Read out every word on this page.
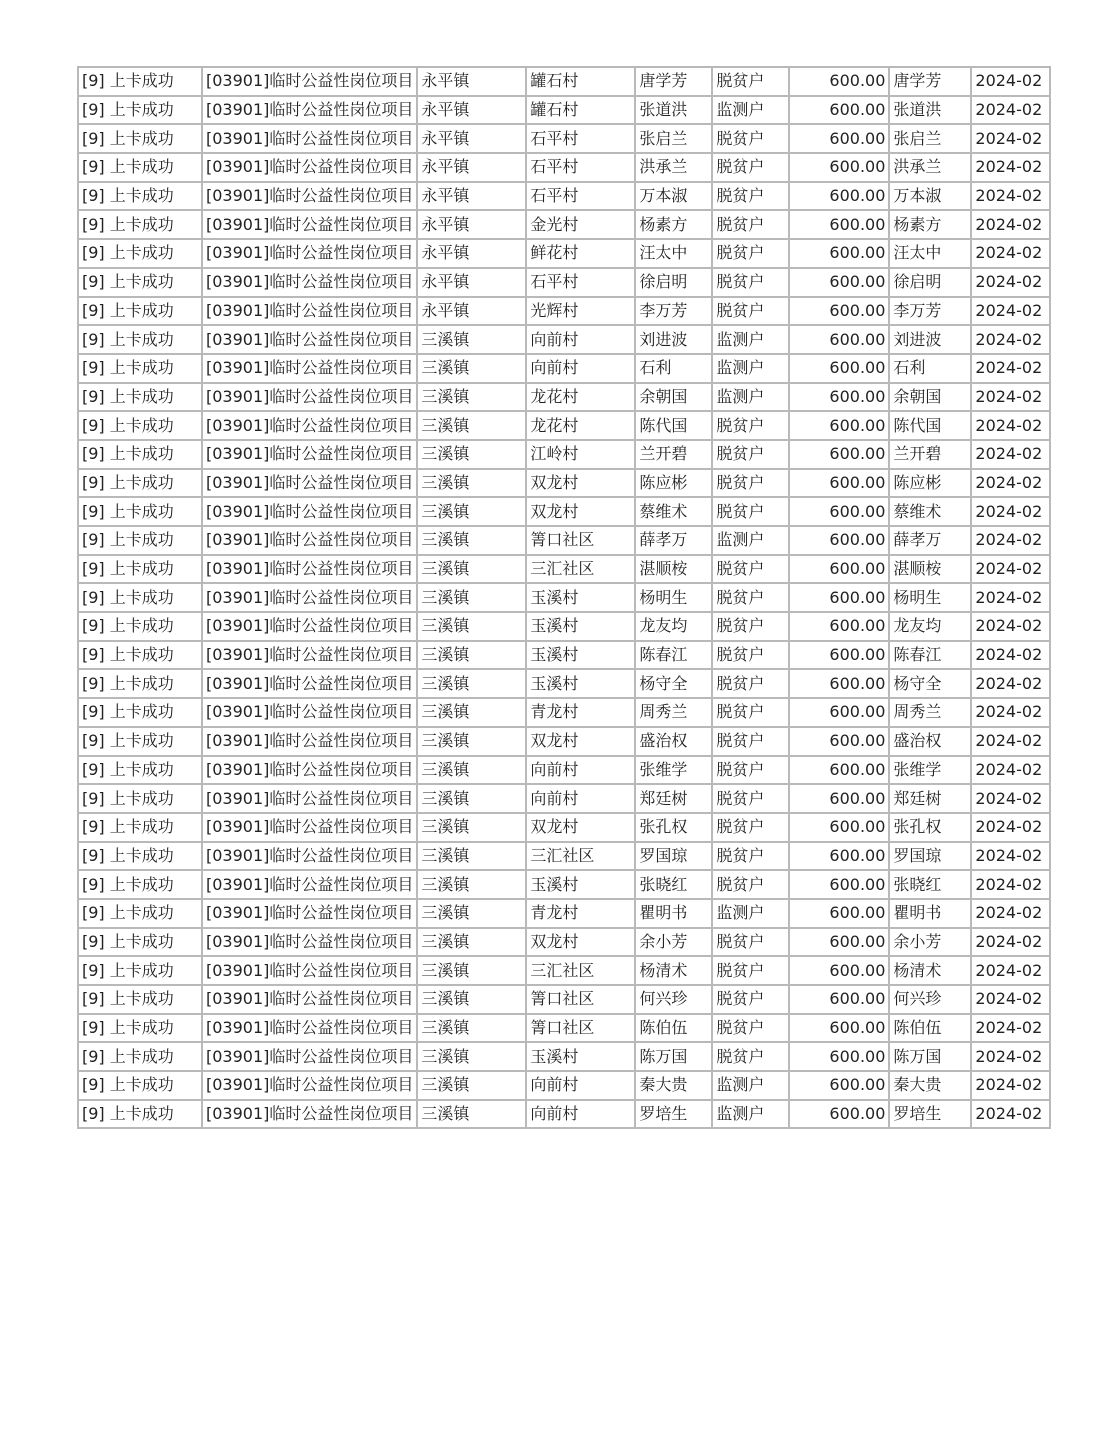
[9] 上卡成功	[03901]临时公益性岗位项目	永平镇	罐石村	唐学芳	脱贫户	600.00	唐学芳	2024-02
[9] 上卡成功	[03901]临时公益性岗位项目	永平镇	罐石村	张道洪	监测户	600.00	张道洪	2024-02
[9] 上卡成功	[03901]临时公益性岗位项目	永平镇	石平村	张启兰	脱贫户	600.00	张启兰	2024-02
[9] 上卡成功	[03901]临时公益性岗位项目	永平镇	石平村	洪承兰	脱贫户	600.00	洪承兰	2024-02
[9] 上卡成功	[03901]临时公益性岗位项目	永平镇	石平村	万本淑	脱贫户	600.00	万本淑	2024-02
[9] 上卡成功	[03901]临时公益性岗位项目	永平镇	金光村	杨素方	脱贫户	600.00	杨素方	2024-02
[9] 上卡成功	[03901]临时公益性岗位项目	永平镇	鲜花村	汪太中	脱贫户	600.00	汪太中	2024-02
[9] 上卡成功	[03901]临时公益性岗位项目	永平镇	石平村	徐启明	脱贫户	600.00	徐启明	2024-02
[9] 上卡成功	[03901]临时公益性岗位项目	永平镇	光辉村	李万芳	脱贫户	600.00	李万芳	2024-02
[9] 上卡成功	[03901]临时公益性岗位项目	三溪镇	向前村	刘进波	监测户	600.00	刘进波	2024-02
[9] 上卡成功	[03901]临时公益性岗位项目	三溪镇	向前村	石利	监测户	600.00	石利	2024-02
[9] 上卡成功	[03901]临时公益性岗位项目	三溪镇	龙花村	余朝国	监测户	600.00	余朝国	2024-02
[9] 上卡成功	[03901]临时公益性岗位项目	三溪镇	龙花村	陈代国	脱贫户	600.00	陈代国	2024-02
[9] 上卡成功	[03901]临时公益性岗位项目	三溪镇	江岭村	兰开碧	脱贫户	600.00	兰开碧	2024-02
[9] 上卡成功	[03901]临时公益性岗位项目	三溪镇	双龙村	陈应彬	脱贫户	600.00	陈应彬	2024-02
[9] 上卡成功	[03901]临时公益性岗位项目	三溪镇	双龙村	蔡维术	脱贫户	600.00	蔡维术	2024-02
[9] 上卡成功	[03901]临时公益性岗位项目	三溪镇	箐口社区	薛孝万	监测户	600.00	薛孝万	2024-02
[9] 上卡成功	[03901]临时公益性岗位项目	三溪镇	三汇社区	湛顺桉	脱贫户	600.00	湛顺桉	2024-02
[9] 上卡成功	[03901]临时公益性岗位项目	三溪镇	玉溪村	杨明生	脱贫户	600.00	杨明生	2024-02
[9] 上卡成功	[03901]临时公益性岗位项目	三溪镇	玉溪村	龙友均	脱贫户	600.00	龙友均	2024-02
[9] 上卡成功	[03901]临时公益性岗位项目	三溪镇	玉溪村	陈春江	脱贫户	600.00	陈春江	2024-02
[9] 上卡成功	[03901]临时公益性岗位项目	三溪镇	玉溪村	杨守全	脱贫户	600.00	杨守全	2024-02
[9] 上卡成功	[03901]临时公益性岗位项目	三溪镇	青龙村	周秀兰	脱贫户	600.00	周秀兰	2024-02
[9] 上卡成功	[03901]临时公益性岗位项目	三溪镇	双龙村	盛治权	脱贫户	600.00	盛治权	2024-02
[9] 上卡成功	[03901]临时公益性岗位项目	三溪镇	向前村	张维学	脱贫户	600.00	张维学	2024-02
[9] 上卡成功	[03901]临时公益性岗位项目	三溪镇	向前村	郑廷树	脱贫户	600.00	郑廷树	2024-02
[9] 上卡成功	[03901]临时公益性岗位项目	三溪镇	双龙村	张孔权	脱贫户	600.00	张孔权	2024-02
[9] 上卡成功	[03901]临时公益性岗位项目	三溪镇	三汇社区	罗国琼	脱贫户	600.00	罗国琼	2024-02
[9] 上卡成功	[03901]临时公益性岗位项目	三溪镇	玉溪村	张晓红	脱贫户	600.00	张晓红	2024-02
[9] 上卡成功	[03901]临时公益性岗位项目	三溪镇	青龙村	瞿明书	监测户	600.00	瞿明书	2024-02
[9] 上卡成功	[03901]临时公益性岗位项目	三溪镇	双龙村	余小芳	脱贫户	600.00	余小芳	2024-02
[9] 上卡成功	[03901]临时公益性岗位项目	三溪镇	三汇社区	杨清术	脱贫户	600.00	杨清术	2024-02
[9] 上卡成功	[03901]临时公益性岗位项目	三溪镇	箐口社区	何兴珍	脱贫户	600.00	何兴珍	2024-02
[9] 上卡成功	[03901]临时公益性岗位项目	三溪镇	箐口社区	陈伯伍	脱贫户	600.00	陈伯伍	2024-02
[9] 上卡成功	[03901]临时公益性岗位项目	三溪镇	玉溪村	陈万国	脱贫户	600.00	陈万国	2024-02
[9] 上卡成功	[03901]临时公益性岗位项目	三溪镇	向前村	秦大贵	监测户	600.00	秦大贵	2024-02
[9] 上卡成功	[03901]临时公益性岗位项目	三溪镇	向前村	罗培生	监测户	600.00	罗培生	2024-02
